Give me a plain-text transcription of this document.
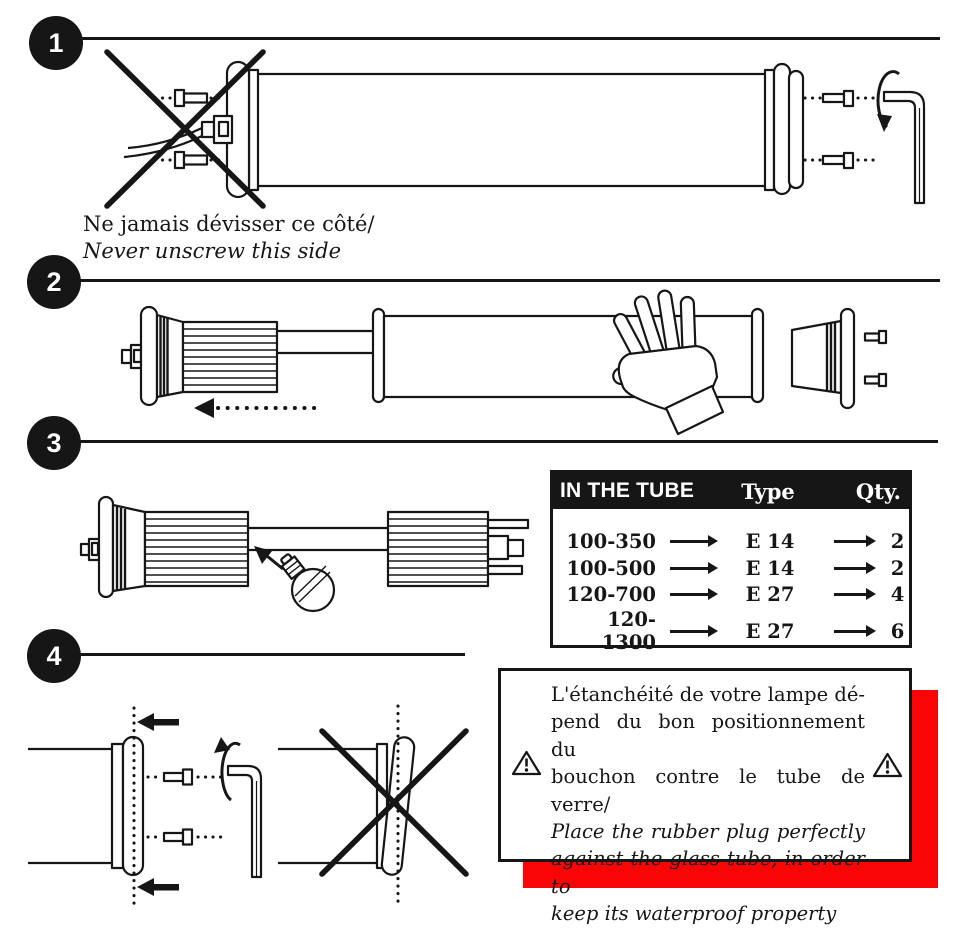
1
2
3
4
Ne jamais dévisser ce côté/
Never unscrew this side
IN THE TUBE	Type	Qty.
100-350	E 14	2
100-500	E 14	2
120-700	E 27	4
120-1300	E 27	6
L'étanchéité de votre lampe dé-
pend du bon positionnement du
bouchon contre le tube de verre/
Place the rubber plug perfectly
against the glass tube, in order to
keep its waterproof property
